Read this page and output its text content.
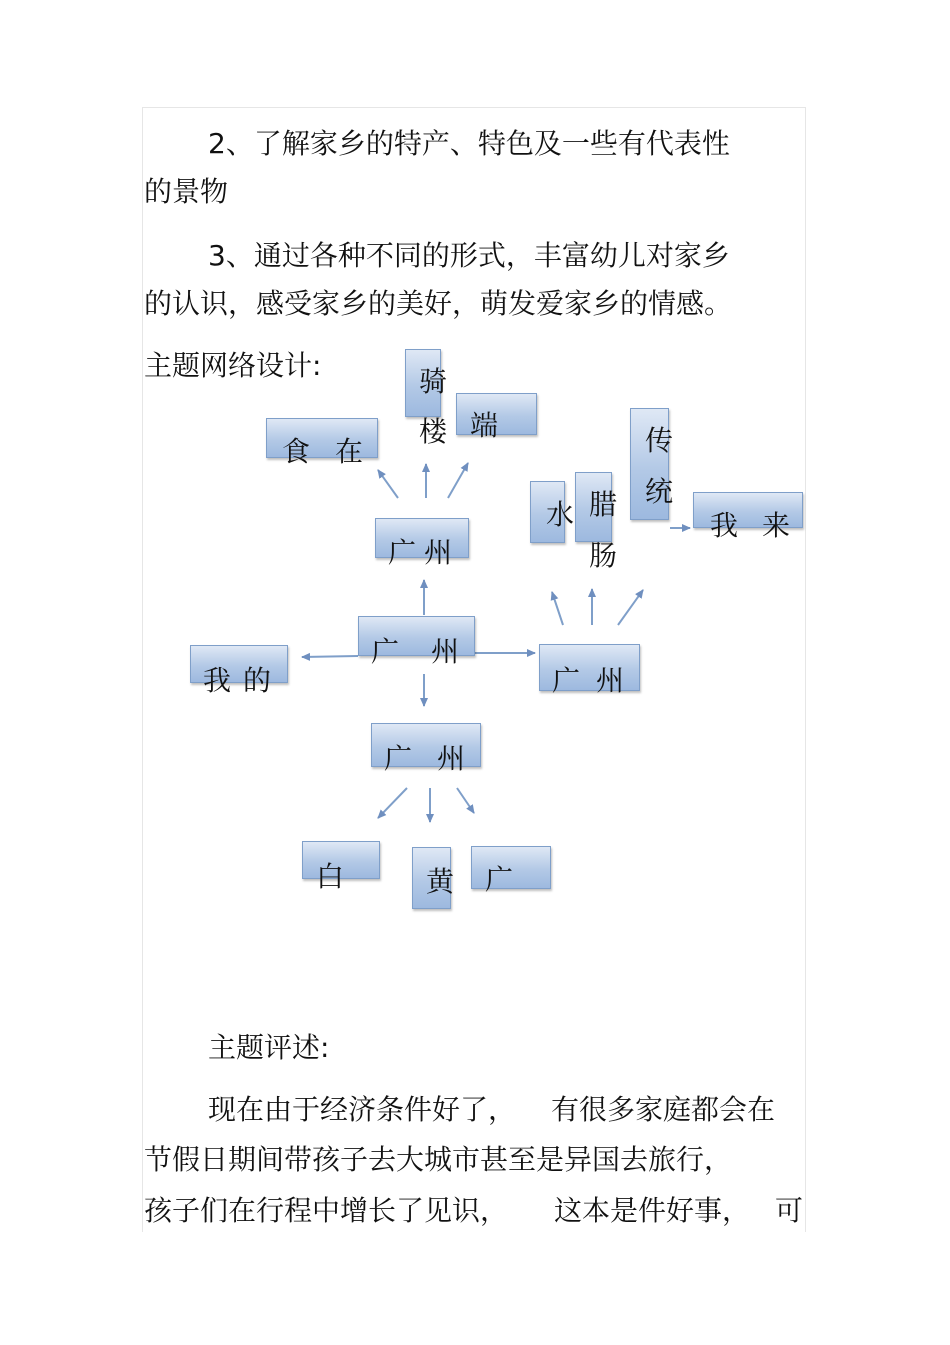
2、了解家乡的特产、特色及一些有代表性
的景物
3、通过各种不同的形式，丰富幼儿对家乡
的认识，感受家乡的美好，萌发爱家乡的情感。
主题网络设计:
食 在
骑
楼 端
广 州
水 腊
肠
传
统
我 来
广 州
我 的	广 州
广 州
白	黄 广
主题评述:
现在由于经济条件好了， 有很多家庭都会在
节假日期间带孩子去大城市甚至是异国去旅行，
孩子们在行程中增长了见识， 这本是件好事， 可
